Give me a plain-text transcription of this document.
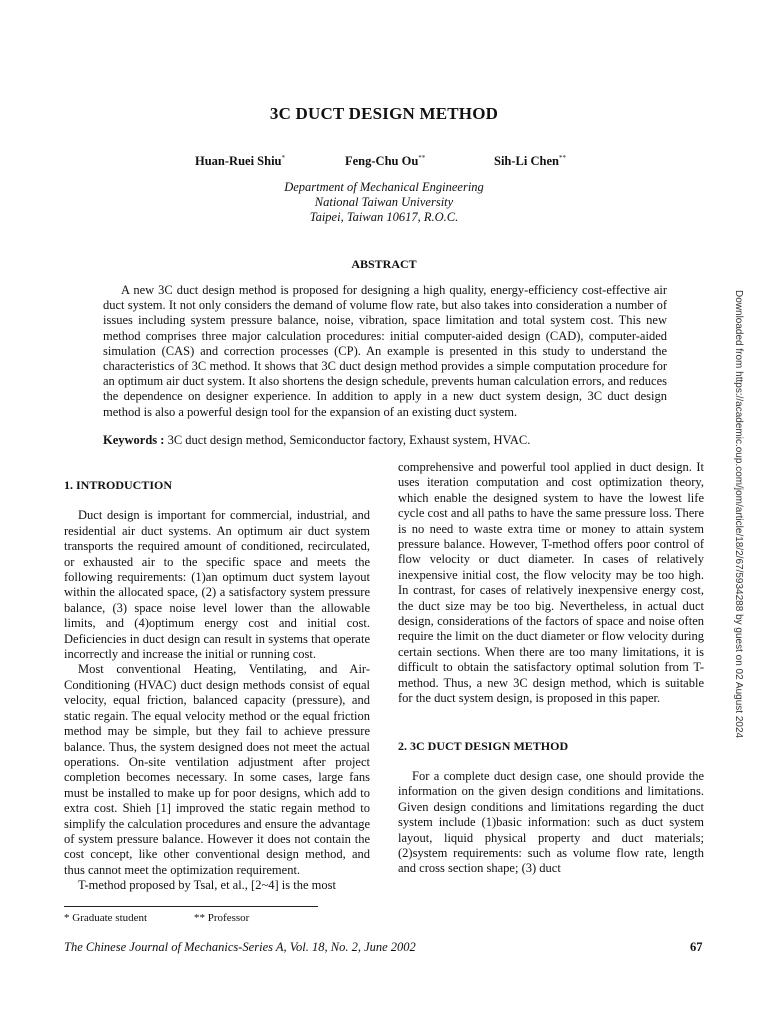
3C DUCT DESIGN METHOD
Huan-Ruei Shiu*	Feng-Chu Ou**	Sih-Li Chen**
Department of Mechanical Engineering
National Taiwan University
Taipei, Taiwan 10617, R.O.C.
ABSTRACT

A new 3C duct design method is proposed for designing a high quality, energy-efficiency cost-effective air duct system. It not only considers the demand of volume flow rate, but also takes into consideration a number of issues including system pressure balance, noise, vibration, space limitation and total system cost. This new method comprises three major calculation procedures: initial computer-aided design (CAD), computer-aided simulation (CAS) and correction processes (CP). An example is presented in this study to understand the characteristics of 3C method. It shows that 3C duct design method provides a simple computation procedure for an optimum air duct system. It also shortens the design schedule, prevents human calculation errors, and reduces the dependence on designer experience. In addition to apply in a new duct system design, 3C duct design method is also a powerful design tool for the expansion of an existing duct system.

Keywords : 3C duct design method, Semiconductor factory, Exhaust system, HVAC.

1. INTRODUCTION

Duct design is important for commercial, industrial, and residential air duct systems. An optimum air duct system transports the required amount of conditioned, recirculated, or exhausted air to the specific space and meets the following requirements: (1)an optimum duct system layout within the allocated space, (2) a satisfactory system pressure balance, (3) space noise level lower than the allowable limits, and (4)optimum energy cost and initial cost. Deficiencies in duct design can result in systems that operate incorrectly and increase the initial or running cost.

Most conventional Heating, Ventilating, and Air-Conditioning (HVAC) duct design methods consist of equal velocity, equal friction, balanced capacity (pressure), and static regain. The equal velocity method or the equal friction method may be simple, but they fail to achieve pressure balance. Thus, the system designed does not meet the actual operations. On-site ventilation adjustment after project completion becomes necessary. In some cases, large fans must be installed to make up for poor designs, which add to extra cost. Shieh [1] improved the static regain method to simplify the calculation procedures and ensure the advantage of system pressure balance. However it does not contain the cost concept, like other conventional design method, and thus cannot meet the optimization requirement.

T-method proposed by Tsal, et al., [2~4] is the most

comprehensive and powerful tool applied in duct design. It uses iteration computation and cost optimization theory, which enable the designed system to have the lowest life cycle cost and all paths to have the same pressure loss. There is no need to waste extra time or money to attain system pressure balance. However, T-method offers poor control of flow velocity or duct diameter. In cases of relatively inexpensive initial cost, the flow velocity may be too high. In contrast, for cases of relatively inexpensive energy cost, the duct size may be too big. Nevertheless, in actual duct design, considerations of the factors of space and noise often require the limit on the duct diameter or flow velocity during certain sections. When there are too many limitations, it is difficult to obtain the satisfactory optimal solution from T-method. Thus, a new 3C design method, which is suitable for the duct system design, is proposed in this paper.

2. 3C DUCT DESIGN METHOD

For a complete duct design case, one should provide the information on the given design conditions and limitations. Given design conditions and limitations regarding the duct system include (1)basic information: such as duct system layout, liquid physical property and duct materials; (2)system requirements: such as volume flow rate, length and cross section shape; (3) duct

* Graduate student	** Professor
The Chinese Journal of Mechanics-Series A, Vol. 18, No. 2, June 2002	67
Downloaded from https://academic.oup.com/jom/article/18/2/67/5934288 by guest on 02 August 2024
